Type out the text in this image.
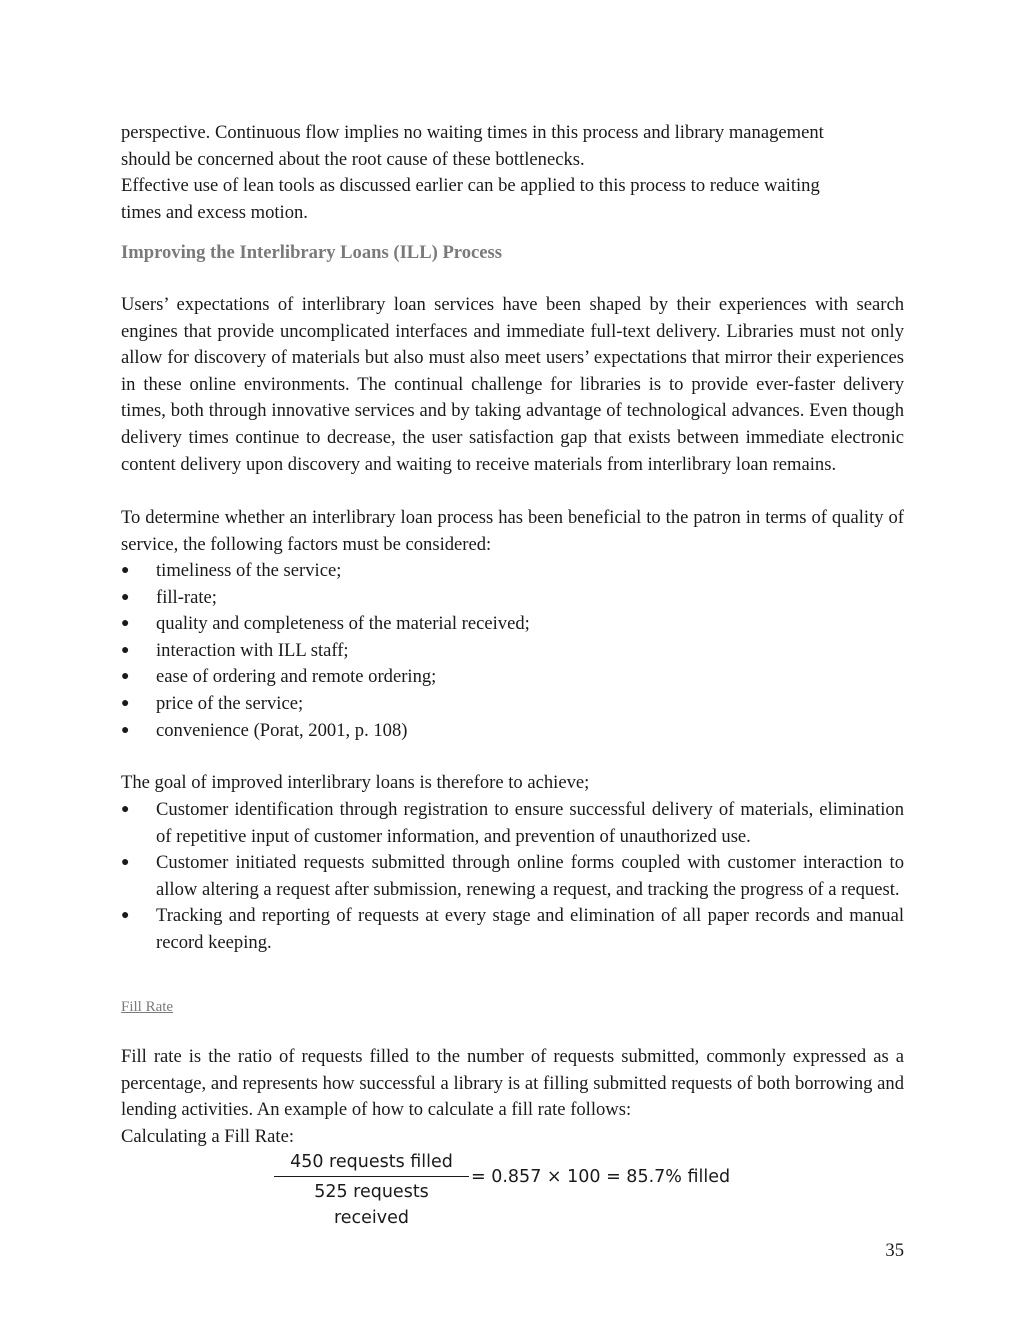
perspective. Continuous flow implies no waiting times in this process and library management
should be concerned about the root cause of these bottlenecks.
Effective use of lean tools as discussed earlier can be applied to this process to reduce waiting
times and excess motion.
Improving the Interlibrary Loans (ILL) Process
Users’ expectations of interlibrary loan services have been shaped by their experiences with search engines that provide uncomplicated interfaces and immediate full-text delivery. Libraries must not only allow for discovery of materials but also must also meet users’ expectations that mirror their experiences in these online environments. The continual challenge for libraries is to provide ever-faster delivery times, both through innovative services and by taking advantage of technological advances. Even though delivery times continue to decrease, the user satisfaction gap that exists between immediate electronic content delivery upon discovery and waiting to receive materials from interlibrary loan remains.
To determine whether an interlibrary loan process has been beneficial to the patron in terms of quality of service, the following factors must be considered:
●	timeliness of the service;
●	fill-rate;
●	quality and completeness of the material received;
●	interaction with ILL staff;
●	ease of ordering and remote ordering;
●	price of the service;
●	convenience (Porat, 2001, p. 108)
The goal of improved interlibrary loans is therefore to achieve;
●	Customer identification through registration to ensure successful delivery of materials, elimination of repetitive input of customer information, and prevention of unauthorized use.
●	Customer initiated requests submitted through online forms coupled with customer interaction to allow altering a request after submission, renewing a request, and tracking the progress of a request.
●	Tracking and reporting of requests at every stage and elimination of all paper records and manual record keeping.
Fill Rate
Fill rate is the ratio of requests filled to the number of requests submitted, commonly expressed as a percentage, and represents how successful a library is at filling submitted requests of both borrowing and lending activities. An example of how to calculate a fill rate follows:
Calculating a Fill Rate:
450 requests filled
525 requests received
= 0.857 × 100 = 85.7% filled
35
